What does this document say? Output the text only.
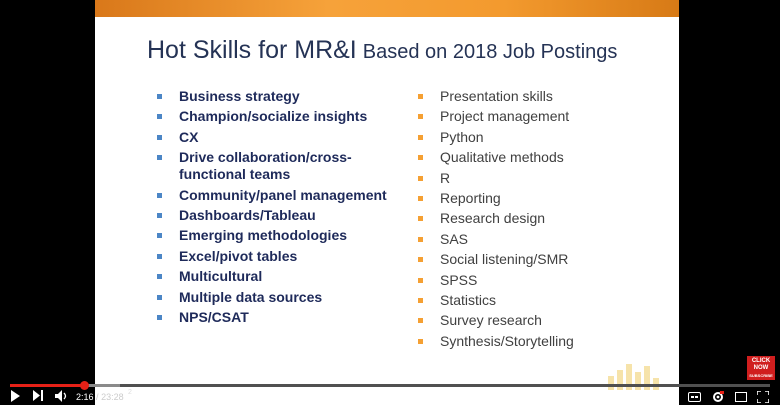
Hot Skills for MR&I Based on 2018 Job Postings
Business strategy
Champion/socialize insights
CX
Drive collaboration/cross-functional teams
Community/panel management
Dashboards/Tableau
Emerging methodologies
Excel/pivot tables
Multicultural
Multiple data sources
NPS/CSAT
Presentation skills
Project management
Python
Qualitative methods
R
Reporting
Research design
SAS
Social listening/SMR
SPSS
Statistics
Survey research
Synthesis/Storytelling
CLICK
NOW
SUBSCRIBE
2:16 / 23:28 2
